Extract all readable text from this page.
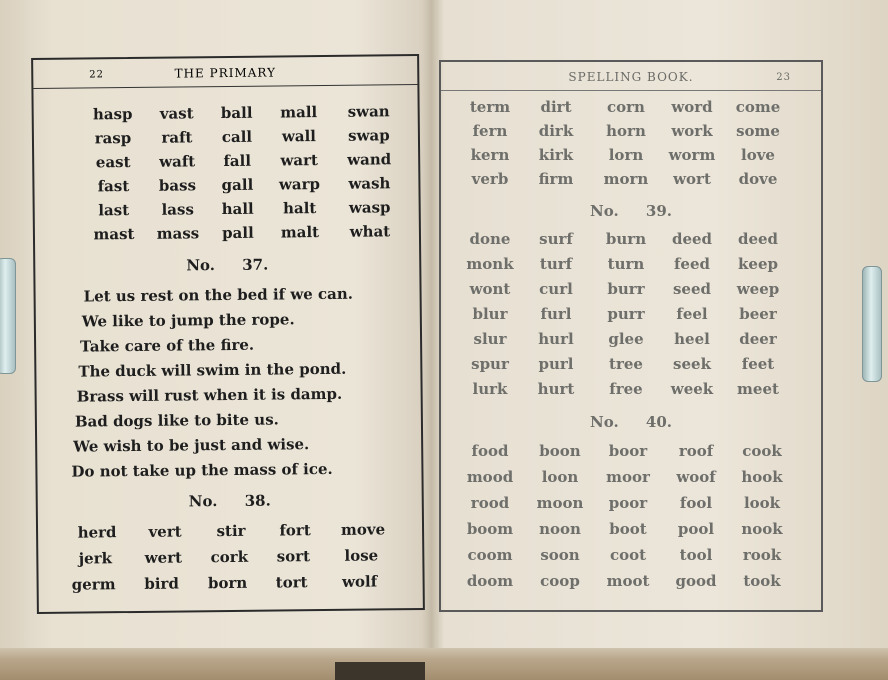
22	THE PRIMARY
hasp	vast	ball	mall	swan
rasp	raft	call	wall	swap
east	waft	fall	wart	wand
fast	bass	gall	warp	wash
last	lass	hall	halt	wasp
mast	mass	pall	malt	what
No. 37.
Let us rest on the bed if we can.
We like to jump the rope.
Take care of the fire.
The duck will swim in the pond.
Brass will rust when it is damp.
Bad dogs like to bite us.
We wish to be just and wise.
Do not take up the mass of ice.
No. 38.
herd	vert	stir	fort	move
jerk	wert	cork	sort	lose
germ	bird	born	tort	wolf
SPELLING BOOK.	23
term	dirt	corn	word	come
fern	dirk	horn	work	some
kern	kirk	lorn	worm	love
verb	firm	morn	wort	dove
No. 39.
done	surf	burn	deed	deed
monk	turf	turn	feed	keep
wont	curl	burr	seed	weep
blur	furl	purr	feel	beer
slur	hurl	glee	heel	deer
spur	purl	tree	seek	feet
lurk	hurt	free	week	meet
No. 40.
food	boon	boor	roof	cook
mood	loon	moor	woof	hook
rood	moon	poor	fool	look
boom	noon	boot	pool	nook
coom	soon	coot	tool	rook
doom	coop	moot	good	took
